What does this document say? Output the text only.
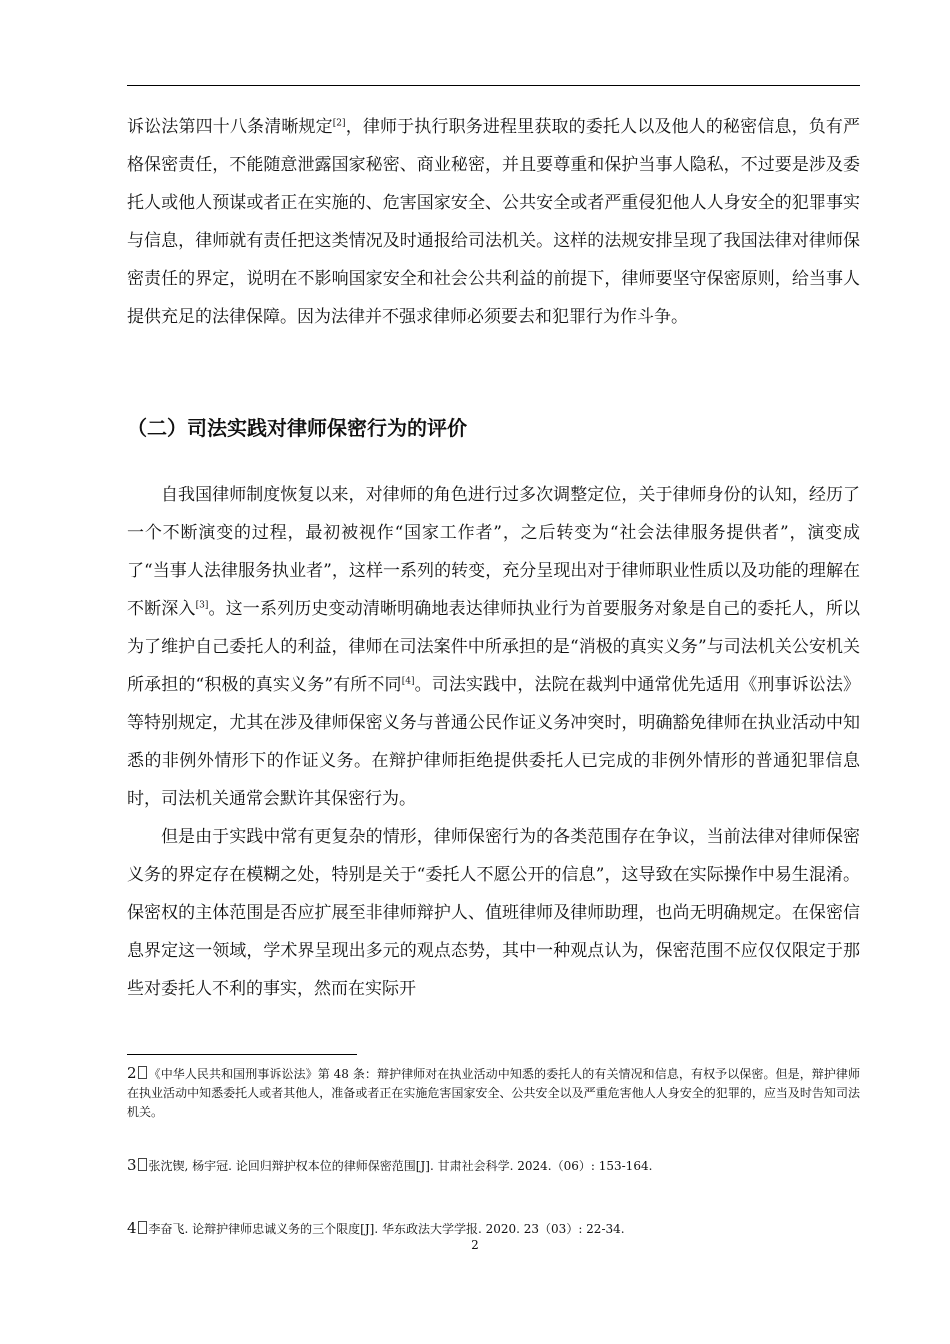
诉讼法第四十八条清晰规定[2]，律师于执行职务进程里获取的委托人以及他人的秘密信息，负有严格保密责任，不能随意泄露国家秘密、商业秘密，并且要尊重和保护当事人隐私，不过要是涉及委托人或他人预谋或者正在实施的、危害国家安全、公共安全或者严重侵犯他人人身安全的犯罪事实与信息，律师就有责任把这类情况及时通报给司法机关。这样的法规安排呈现了我国法律对律师保密责任的界定，说明在不影响国家安全和社会公共利益的前提下，律师要坚守保密原则，给当事人提供充足的法律保障。因为法律并不强求律师必须要去和犯罪行为作斗争。

（二）司法实践对律师保密行为的评价

自我国律师制度恢复以来，对律师的角色进行过多次调整定位，关于律师身份的认知，经历了一个不断演变的过程，最初被视作“国家工作者”，之后转变为“社会法律服务提供者”，演变成了“当事人法律服务执业者”，这样一系列的转变，充分呈现出对于律师职业性质以及功能的理解在不断深入[3]。这一系列历史变动清晰明确地表达律师执业行为首要服务对象是自己的委托人，所以为了维护自己委托人的利益，律师在司法案件中所承担的是“消极的真实义务”与司法机关公安机关所承担的“积极的真实义务”有所不同[4]。司法实践中，法院在裁判中通常优先适用《刑事诉讼法》等特别规定，尤其在涉及律师保密义务与普通公民作证义务冲突时，明确豁免律师在执业活动中知悉的非例外情形下的作证义务。在辩护律师拒绝提供委托人已完成的非例外情形的普通犯罪信息时，司法机关通常会默许其保密行为。

但是由于实践中常有更复杂的情形，律师保密行为的各类范围存在争议，当前法律对律师保密义务的界定存在模糊之处，特别是关于“委托人不愿公开的信息”，这导致在实际操作中易生混淆。保密权的主体范围是否应扩展至非律师辩护人、值班律师及律师助理，也尚无明确规定。在保密信息界定这一领域，学术界呈现出多元的观点态势，其中一种观点认为，保密范围不应仅仅限定于那些对委托人不利的事实，然而在实际开

2 《中华人民共和国刑事诉讼法》第 48 条：辩护律师对在执业活动中知悉的委托人的有关情况和信息，有权予以保密。但是，辩护律师在执业活动中知悉委托人或者其他人，准备或者正在实施危害国家安全、公共安全以及严重危害他人人身安全的犯罪的，应当及时告知司法机关。

3 张沈锲, 杨宇冠. 论回归辩护权本位的律师保密范围[J]. 甘肃社会科学. 2024.（06）: 153-164.

4 李奋飞. 论辩护律师忠诚义务的三个限度[J]. 华东政法大学学报. 2020. 23（03）: 22-34.

2
